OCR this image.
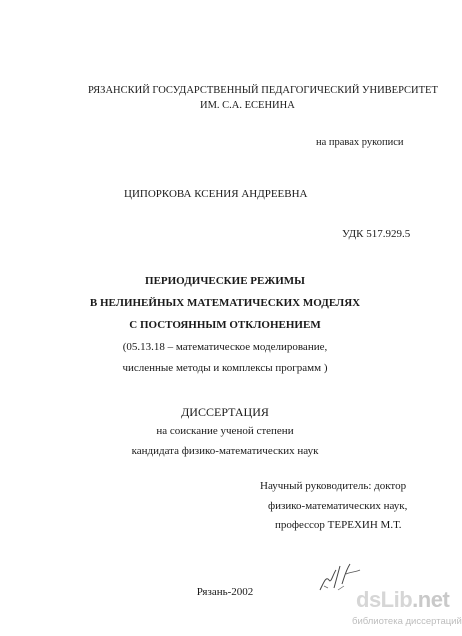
РЯЗАНСКИЙ ГОСУДАРСТВЕННЫЙ ПЕДАГОГИЧЕСКИЙ УНИВЕРСИТЕТ
ИМ. С.А. ЕСЕНИНА
на правах рукописи
ЦИПОРКОВА КСЕНИЯ АНДРЕЕВНА
УДК 517.929.5
ПЕРИОДИЧЕСКИЕ РЕЖИМЫ
В НЕЛИНЕЙНЫХ МАТЕМАТИЧЕСКИХ МОДЕЛЯХ
С ПОСТОЯННЫМ ОТКЛОНЕНИЕМ
(05.13.18 – математическое моделирование,
численные методы и комплексы программ )
ДИССЕРТАЦИЯ
на соискание ученой степени
кандидата физико-математических наук
Научный руководитель: доктор
физико-математических наук,
профессор ТЕРЕХИН М.Т.
Рязань-2002	dsLib.net
библиотека диссертаций
